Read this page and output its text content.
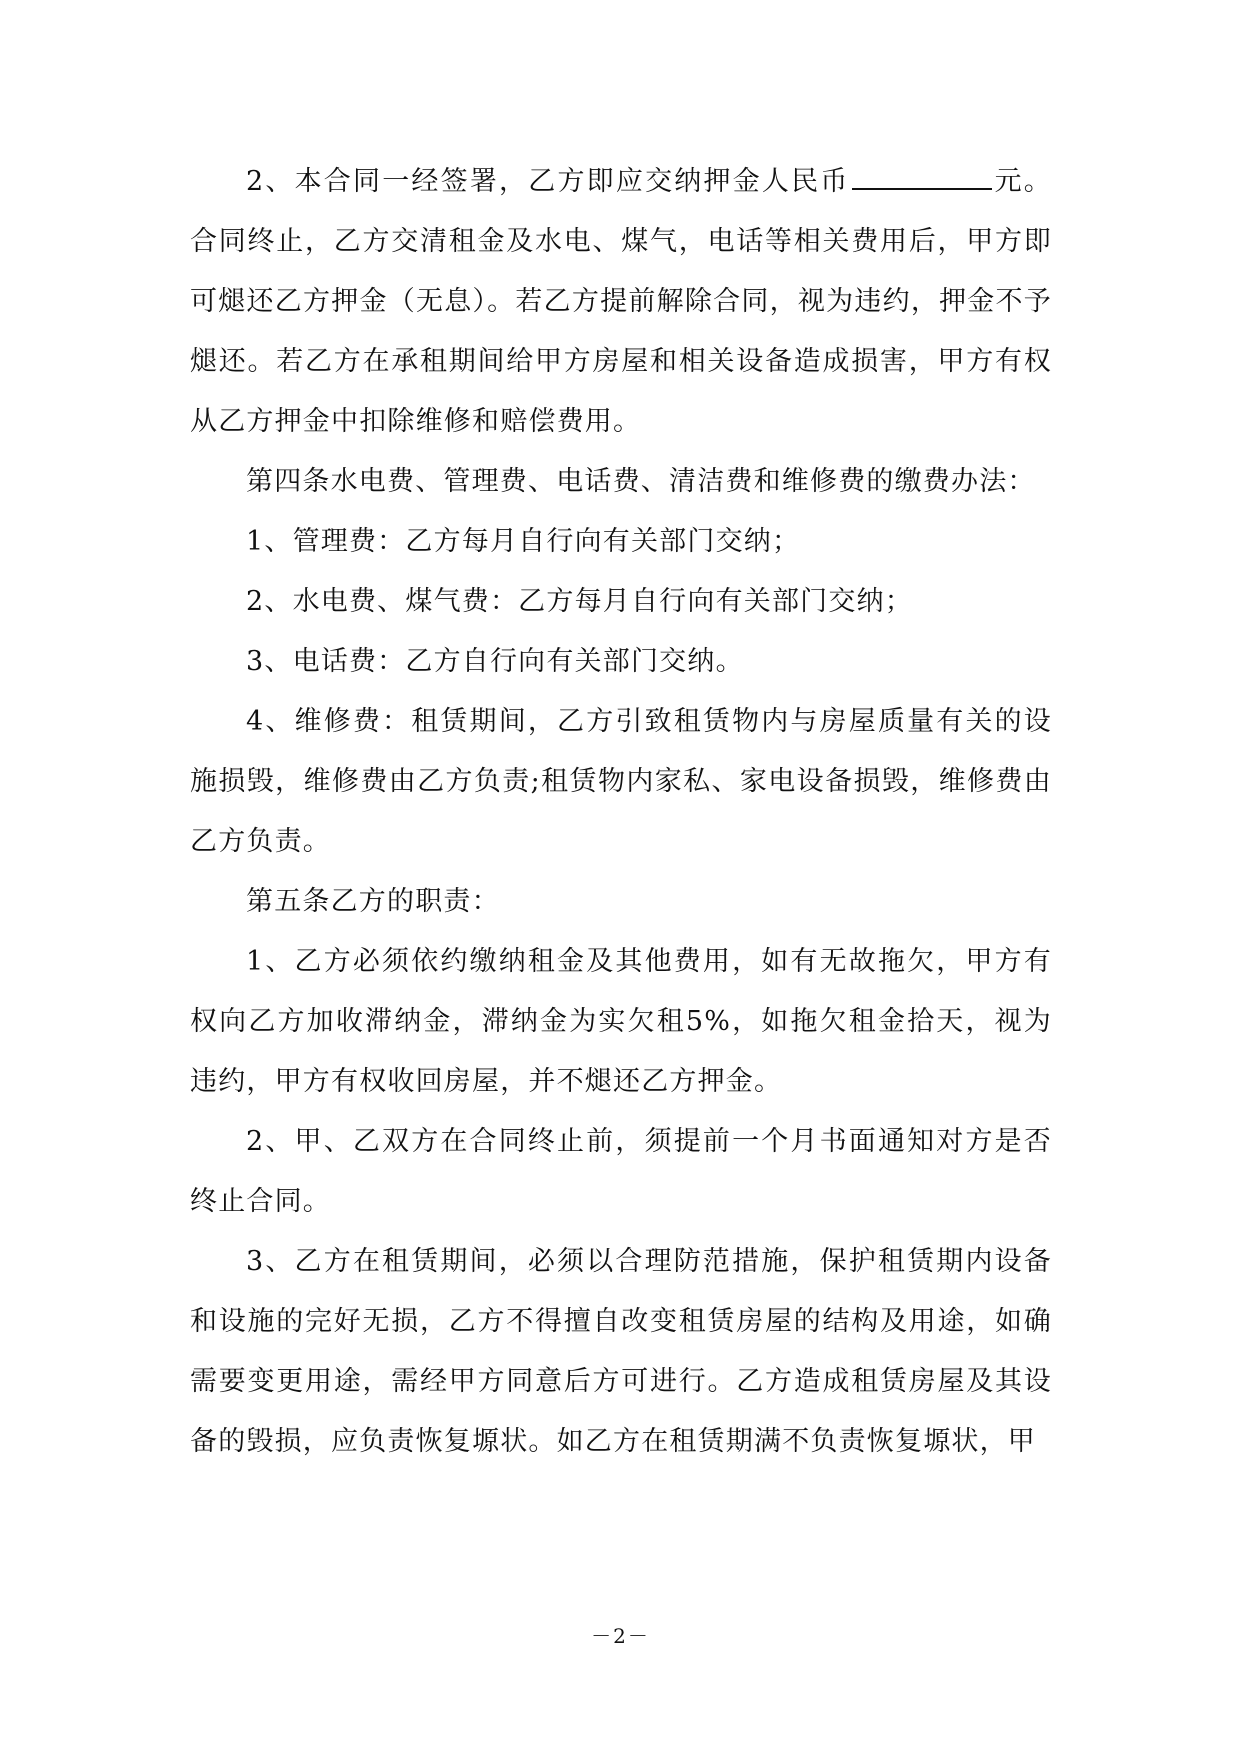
2、本合同一经签署，乙方即应交纳押金人民币	元。合同终止，乙方交清租金及水电、煤气，电话等相关费用后，甲方即可煺还乙方押金（无息）。若乙方提前解除合同，视为违约，押金不予煺还。若乙方在承租期间给甲方房屋和相关设备造成损害，甲方有权从乙方押金中扣除维修和赔偿费用。

第四条水电费、管理费、电话费、清洁费和维修费的缴费办法：

1、管理费：乙方每月自行向有关部门交纳；

2、水电费、煤气费：乙方每月自行向有关部门交纳；

3、电话费：乙方自行向有关部门交纳。

4、维修费：租赁期间，乙方引致租赁物内与房屋质量有关的设施损毁，维修费由乙方负责;租赁物内家私、家电设备损毁，维修费由乙方负责。

第五条乙方的职责：

1、乙方必须依约缴纳租金及其他费用，如有无故拖欠，甲方有权向乙方加收滞纳金，滞纳金为实欠租5%，如拖欠租金拾天，视为违约，甲方有权收回房屋，并不煺还乙方押金。

2、甲、乙双方在合同终止前，须提前一个月书面通知对方是否终止合同。

3、乙方在租赁期间，必须以合理防范措施，保护租赁期内设备和设施的完好无损，乙方不得擅自改变租赁房屋的结构及用途，如确需要变更用途，需经甲方同意后方可进行。乙方造成租赁房屋及其设备的毁损，应负责恢复塬状。如乙方在租赁期满不负责恢复塬状，甲

－2－
